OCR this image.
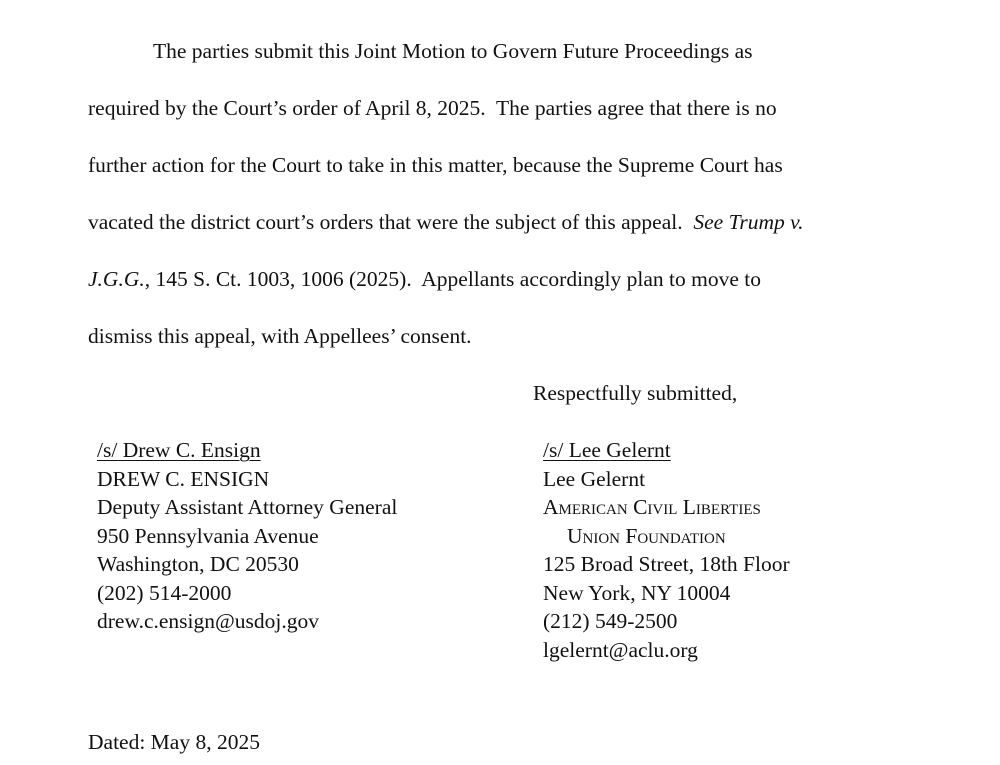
The parties submit this Joint Motion to Govern Future Proceedings as
required by the Court’s order of April 8, 2025.  The parties agree that there is no
further action for the Court to take in this matter, because the Supreme Court has
vacated the district court’s orders that were the subject of this appeal.  See Trump v.
J.G.G., 145 S. Ct. 1003, 1006 (2025).  Appellants accordingly plan to move to
dismiss this appeal, with Appellees’ consent.
Respectfully submitted,
/s/ Drew C. Ensign
DREW C. ENSIGN
Deputy Assistant Attorney General
950 Pennsylvania Avenue
Washington, DC 20530
(202) 514-2000
drew.c.ensign@usdoj.gov
/s/ Lee Gelernt
Lee Gelernt
American Civil Liberties
Union Foundation
125 Broad Street, 18th Floor
New York, NY 10004
(212) 549-2500
lgelernt@aclu.org
Dated: May 8, 2025
